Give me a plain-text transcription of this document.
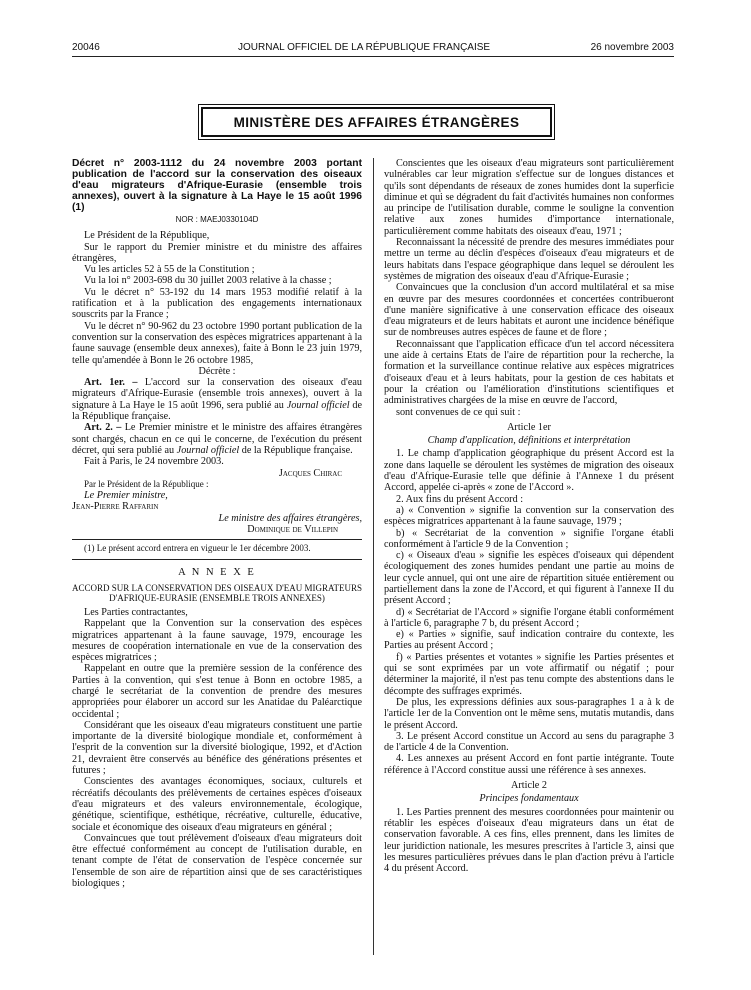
20046	JOURNAL OFFICIEL DE LA RÉPUBLIQUE FRANÇAISE	26 novembre 2003
MINISTÈRE DES AFFAIRES ÉTRANGÈRES
Décret n° 2003-1112 du 24 novembre 2003 portant publication de l'accord sur la conservation des oiseaux d'eau migrateurs d'Afrique-Eurasie (ensemble trois annexes), ouvert à la signature à La Haye le 15 août 1996 (1)
NOR : MAEJ0330104D

Le Président de la République,

Sur le rapport du Premier ministre et du ministre des affaires étrangères,

Vu les articles 52 à 55 de la Constitution ;

Vu la loi n° 2003-698 du 30 juillet 2003 relative à la chasse ;

Vu le décret n° 53-192 du 14 mars 1953 modifié relatif à la ratification et à la publication des engagements internationaux souscrits par la France ;

Vu le décret n° 90-962 du 23 octobre 1990 portant publication de la convention sur la conservation des espèces migratrices appartenant à la faune sauvage (ensemble deux annexes), faite à Bonn le 23 juin 1979, telle qu'amendée à Bonn le 26 octobre 1985,

Décrète :

Art. 1er. – L'accord sur la conservation des oiseaux d'eau migrateurs d'Afrique-Eurasie (ensemble trois annexes), ouvert à la signature à La Haye le 15 août 1996, sera publié au Journal officiel de la République française.

Art. 2. – Le Premier ministre et le ministre des affaires étrangères sont chargés, chacun en ce qui le concerne, de l'exécution du présent décret, qui sera publié au Journal officiel de la République française.

Fait à Paris, le 24 novembre 2003.

Jacques Chirac

Par le Président de la République :

Le Premier ministre,

Jean-Pierre Raffarin

Le ministre des affaires étrangères,

Dominique de Villepin

(1) Le présent accord entrera en vigueur le 1er décembre 2003.

A N N E X E
ACCORD SUR LA CONSERVATION DES OISEAUX D'EAU MIGRATEURS D'AFRIQUE-EURASIE (ENSEMBLE TROIS ANNEXES)

Les Parties contractantes,

Rappelant que la Convention sur la conservation des espèces migratrices appartenant à la faune sauvage, 1979, encourage les mesures de coopération internationale en vue de la conservation des espèces migratrices ;

Rappelant en outre que la première session de la conférence des Parties à la convention, qui s'est tenue à Bonn en octobre 1985, a chargé le secrétariat de la convention de prendre des mesures appropriées pour élaborer un accord sur les Anatidae du Paléarctique occidental ;

Considérant que les oiseaux d'eau migrateurs constituent une partie importante de la diversité biologique mondiale et, conformément à l'esprit de la convention sur la diversité biologique, 1992, et d'Action 21, devraient être conservés au bénéfice des générations présentes et futures ;

Conscientes des avantages économiques, sociaux, culturels et récréatifs découlants des prélèvements de certaines espèces d'oiseaux d'eau migrateurs et des valeurs environnementale, écologique, génétique, scientifique, esthétique, récréative, culturelle, éducative, sociale et économique des oiseaux d'eau migrateurs en général ;

Convaincues que tout prélèvement d'oiseaux d'eau migrateurs doit être effectué conformément au concept de l'utilisation durable, en tenant compte de l'état de conservation de l'espèce concernée sur l'ensemble de son aire de répartition ainsi que de ses caractéristiques biologiques ;

Conscientes que les oiseaux d'eau migrateurs sont particulièrement vulnérables car leur migration s'effectue sur de longues distances et qu'ils sont dépendants de réseaux de zones humides dont la superficie diminue et qui se dégradent du fait d'activités humaines non conformes au principe de l'utilisation durable, comme le souligne la convention relative aux zones humides d'importance internationale, particulièrement comme habitats des oiseaux d'eau, 1971 ;

Reconnaissant la nécessité de prendre des mesures immédiates pour mettre un terme au déclin d'espèces d'oiseaux d'eau migrateurs et de leurs habitats dans l'espace géographique dans lequel se déroulent les systèmes de migration des oiseaux d'eau d'Afrique-Eurasie ;

Convaincues que la conclusion d'un accord multilatéral et sa mise en œuvre par des mesures coordonnées et concertées contribueront d'une manière significative à une conservation efficace des oiseaux d'eau migrateurs et de leurs habitats et auront une incidence bénéfique sur de nombreuses autres espèces de faune et de flore ;

Reconnaissant que l'application efficace d'un tel accord nécessitera une aide à certains Etats de l'aire de répartition pour la recherche, la formation et la surveillance continue relative aux espèces migratrices d'oiseaux d'eau et à leurs habitats, pour la gestion de ces habitats et pour la création ou l'amélioration d'institutions scientifiques et administratives chargées de la mise en œuvre de l'accord,

sont convenues de ce qui suit :

Article 1er
Champ d'application, définitions et interprétation

1. Le champ d'application géographique du présent Accord est la zone dans laquelle se déroulent les systèmes de migration des oiseaux d'eau d'Afrique-Eurasie telle que définie à l'Annexe 1 du présent Accord, appelée ci-après « zone de l'Accord ».

2. Aux fins du présent Accord :

a) « Convention » signifie la convention sur la conservation des espèces migratrices appartenant à la faune sauvage, 1979 ;

b) « Secrétariat de la convention » signifie l'organe établi conformément à l'article 9 de la Convention ;

c) « Oiseaux d'eau » signifie les espèces d'oiseaux qui dépendent écologiquement des zones humides pendant une partie au moins de leur cycle annuel, qui ont une aire de répartition située entièrement ou partiellement dans la zone de l'Accord, et qui figurent à l'annexe II du présent Accord ;

d) « Secrétariat de l'Accord » signifie l'organe établi conformément à l'article 6, paragraphe 7 b, du présent Accord ;

e) « Parties » signifie, sauf indication contraire du contexte, les Parties au présent Accord ;

f) « Parties présentes et votantes » signifie les Parties présentes et qui se sont exprimées par un vote affirmatif ou négatif ; pour déterminer la majorité, il n'est pas tenu compte des abstentions dans le décompte des suffrages exprimés.

De plus, les expressions définies aux sous-paragraphes 1 a à k de l'article 1er de la Convention ont le même sens, mutatis mutandis, dans le présent Accord.

3. Le présent Accord constitue un Accord au sens du paragraphe 3 de l'article 4 de la Convention.

4. Les annexes au présent Accord en font partie intégrante. Toute référence à l'Accord constitue aussi une référence à ses annexes.

Article 2
Principes fondamentaux

1. Les Parties prennent des mesures coordonnées pour maintenir ou rétablir les espèces d'oiseaux d'eau migrateurs dans un état de conservation favorable. A ces fins, elles prennent, dans les limites de leur juridiction nationale, les mesures prescrites à l'article 3, ainsi que les mesures particulières prévues dans le plan d'action prévu à l'article 4 du présent Accord.
